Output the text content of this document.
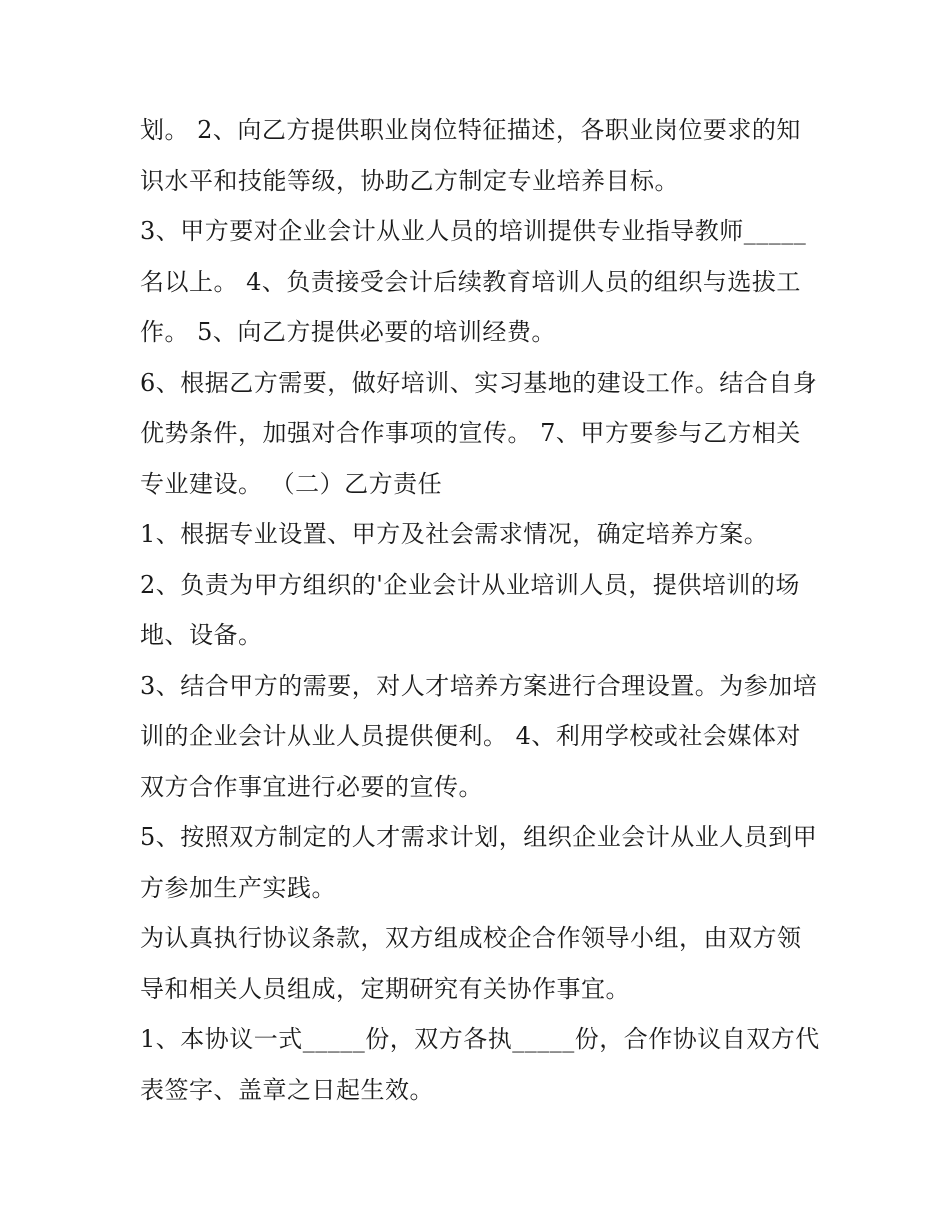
划。 2、向乙方提供职业岗位特征描述，各职业岗位要求的知识水平和技能等级，协助乙方制定专业培养目标。

3、甲方要对企业会计从业人员的培训提供专业指导教师_____名以上。 4、负责接受会计后续教育培训人员的组织与选拔工作。 5、向乙方提供必要的培训经费。

6、根据乙方需要，做好培训、实习基地的建设工作。结合自身优势条件，加强对合作事项的宣传。 7、甲方要参与乙方相关专业建设。 （二）乙方责任

1、根据专业设置、甲方及社会需求情况，确定培养方案。

2、负责为甲方组织的'企业会计从业培训人员，提供培训的场地、设备。

3、结合甲方的需要，对人才培养方案进行合理设置。为参加培训的企业会计从业人员提供便利。 4、利用学校或社会媒体对双方合作事宜进行必要的宣传。

5、按照双方制定的人才需求计划，组织企业会计从业人员到甲方参加生产实践。

为认真执行协议条款，双方组成校企合作领导小组，由双方领导和相关人员组成，定期研究有关协作事宜。

1、本协议一式_____份，双方各执_____份，合作协议自双方代表签字、盖章之日起生效。
